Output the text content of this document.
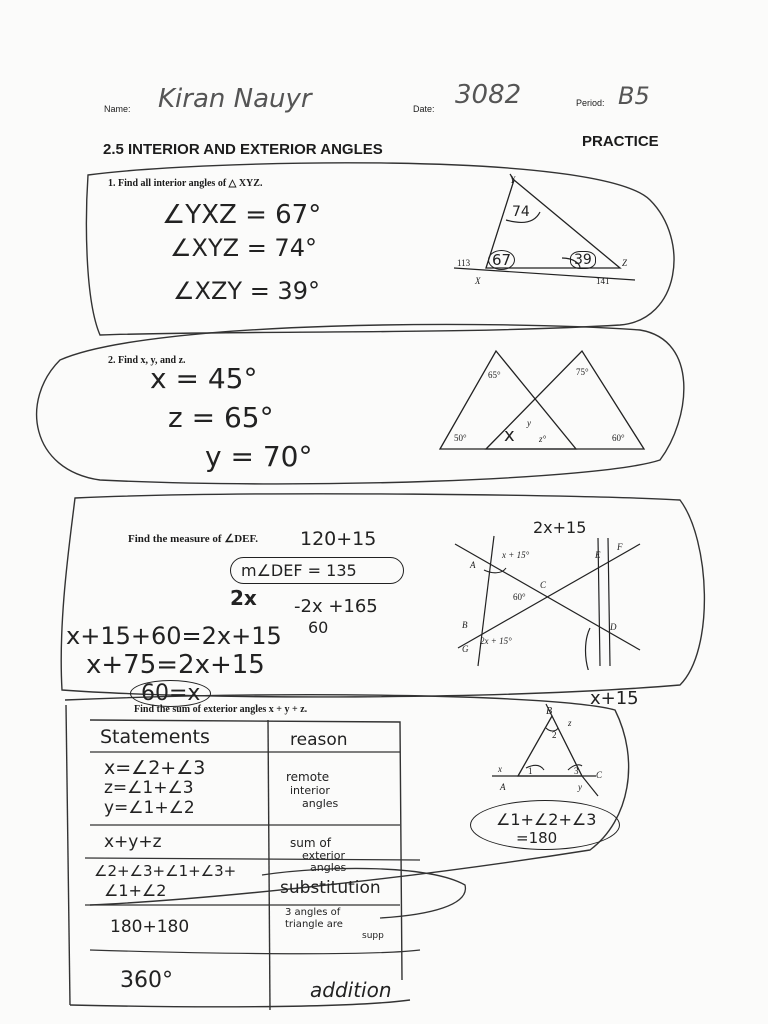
Name: Kiran Nauyr	Date: 3082	Period: B5
2.5 INTERIOR AND EXTERIOR ANGLES	PRACTICE
1. Find all interior angles of △ XYZ.
∠YXZ = 67°
∠XYZ = 74°
∠XZY = 39°
Y
X
Z
113
141
74
67	39
2. Find x, y, and z.
x = 45°
z = 65°
y = 70°
65°	75°
50°	60°
y
z°
x
Find the measure of ∠DEF. 120+15
m∠DEF = 135
2x -2x +165
60
x+15+60=2x+15
x+75=2x+15
60=x
2x+15
A
B
C
D
E
F
G
x + 15°
60°
2x + 15°
Find the sum of exterior angles x + y + z.
x+15
Statements	reason
x=∠2+∠3
z=∠1+∠3
y=∠1+∠2
remote
interior
angles
x+y+z	sum of
exterior
angles
∠2+∠3+∠1+∠3+
∠1+∠2	substitution
180+180
3 angles of
triangle are
supp
360°	addition
B
A
C
x
y
z
1
2
3
∠1+∠2+∠3
=180
